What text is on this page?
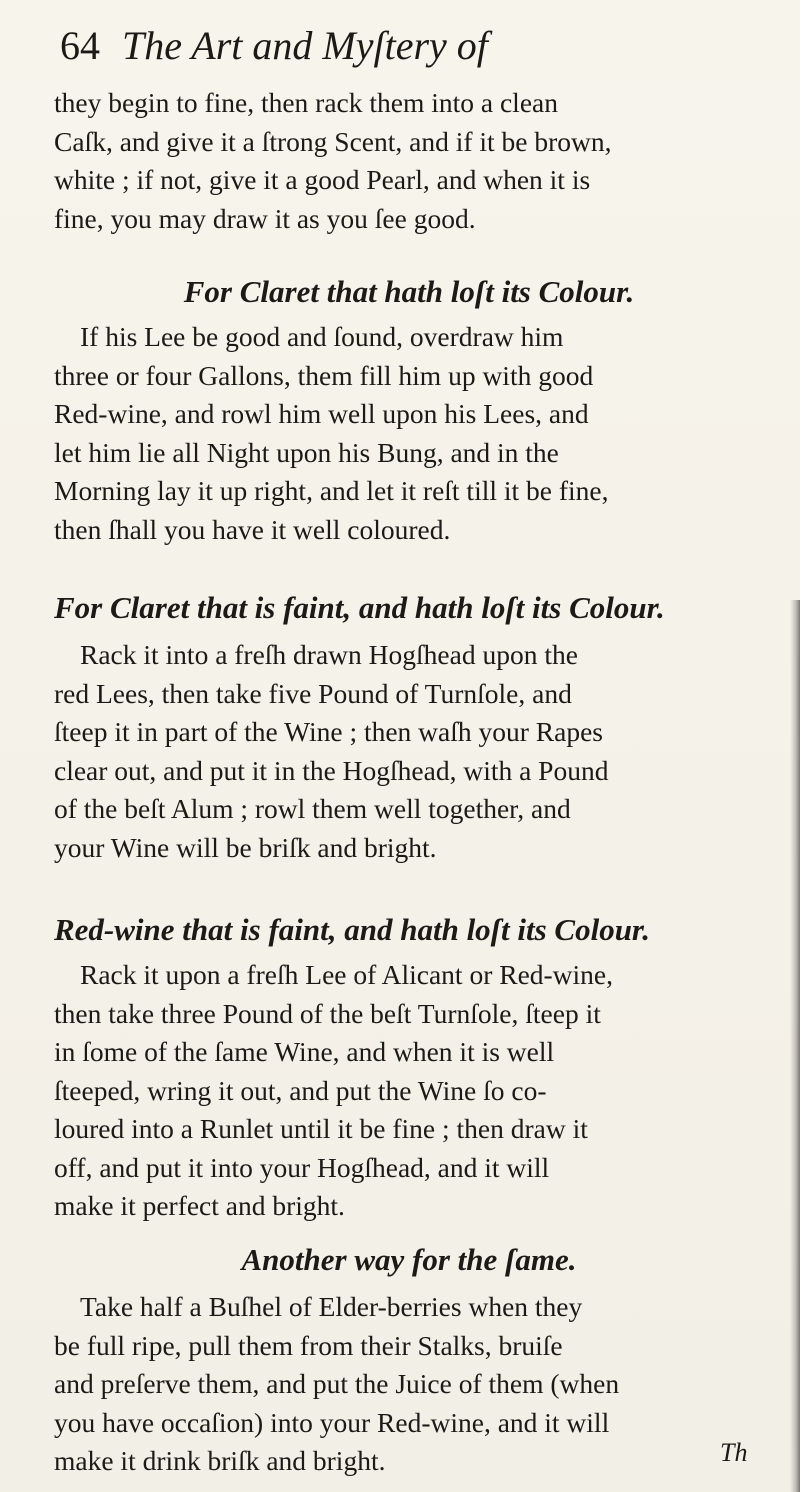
64 The Art and Myſtery of

they begin to fine, then rack them into a clean

Caſk, and give it a ſtrong Scent, and if it be brown,

white ; if not, give it a good Pearl, and when it is

fine, you may draw it as you ſee good.

For Claret that hath loſt its Colour.

If his Lee be good and ſound, overdraw him

three or four Gallons, them fill him up with good

Red-wine, and rowl him well upon his Lees, and

let him lie all Night upon his Bung, and in the

Morning lay it up right, and let it reſt till it be fine,

then ſhall you have it well coloured.

For Claret that is faint, and hath loſt its Colour.

Rack it into a freſh drawn Hogſhead upon the

red Lees, then take five Pound of Turnſole, and

ſteep it in part of the Wine ; then waſh your Rapes

clear out, and put it in the Hogſhead, with a Pound

of the beſt Alum ; rowl them well together, and

your Wine will be briſk and bright.

Red-wine that is faint, and hath loſt its Colour.

Rack it upon a freſh Lee of Alicant or Red-wine,

then take three Pound of the beſt Turnſole, ſteep it

in ſome of the ſame Wine, and when it is well

ſteeped, wring it out, and put the Wine ſo co-

loured into a Runlet until it be fine ; then draw it

off, and put it into your Hogſhead, and it will

make it perfect and bright.

Another way for the ſame.

Take half a Buſhel of Elder-berries when they

be full ripe, pull them from their Stalks, bruiſe

and preſerve them, and put the Juice of them (when

you have occaſion) into your Red-wine, and it will

make it drink briſk and bright.	Th
